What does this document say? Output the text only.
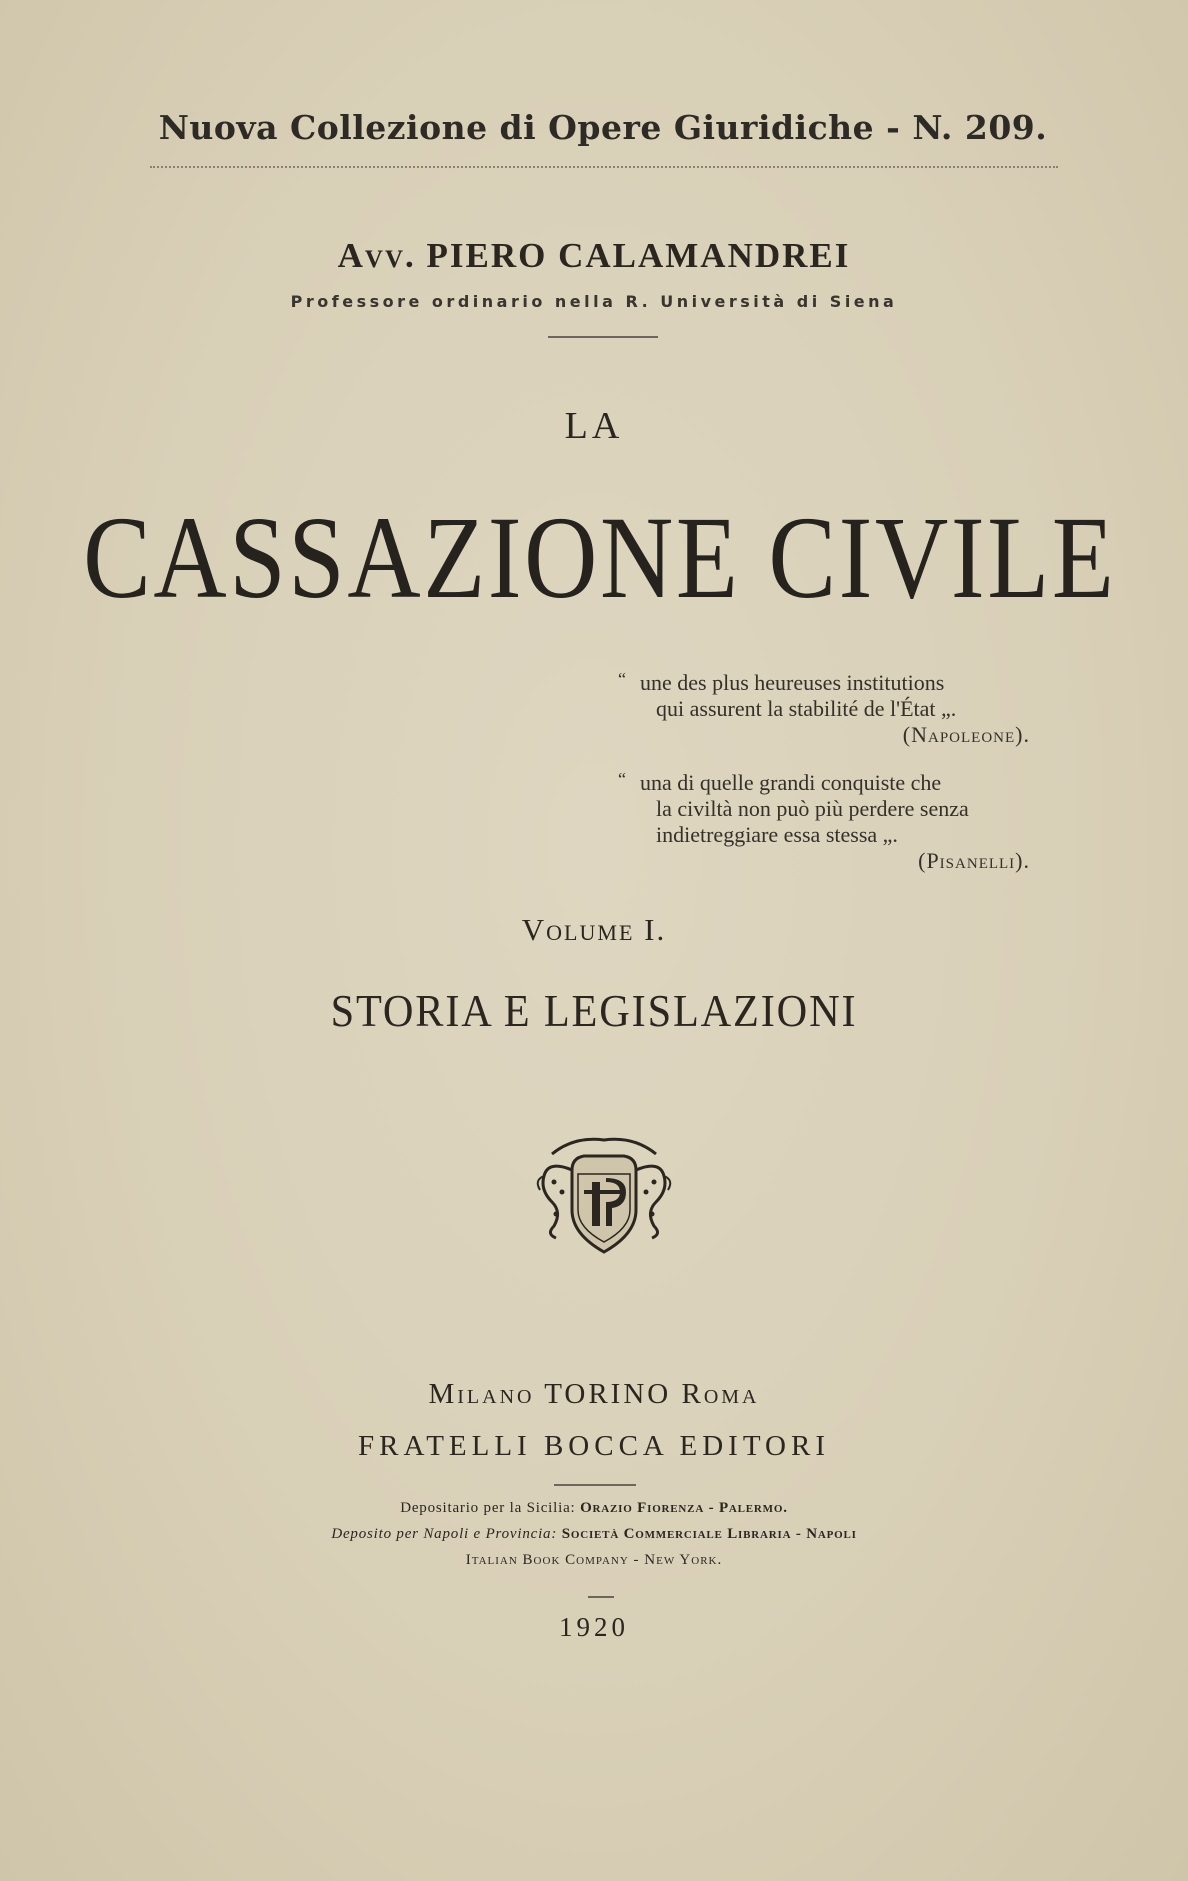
Nuova Collezione di Opere Giuridiche - N. 209.
Avv. PIERO CALAMANDREI
Professore ordinario nella R. Università di Siena
LA
CASSAZIONE CIVILE
“ une des plus heureuses institutions
qui assurent la stabilité de l'État „.
(Napoleone).
“ una di quelle grandi conquiste che
la civiltà non può più perdere senza
indietreggiare essa stessa „.
(Pisanelli).
Volume I.
STORIA E LEGISLAZIONI
Milano TORINO Roma
FRATELLI BOCCA EDITORI
Depositario per la Sicilia: Orazio Fiorenza - Palermo.
Deposito per Napoli e Provincia: Società Commerciale Libraria - Napoli
Italian Book Company - New York.
1920
